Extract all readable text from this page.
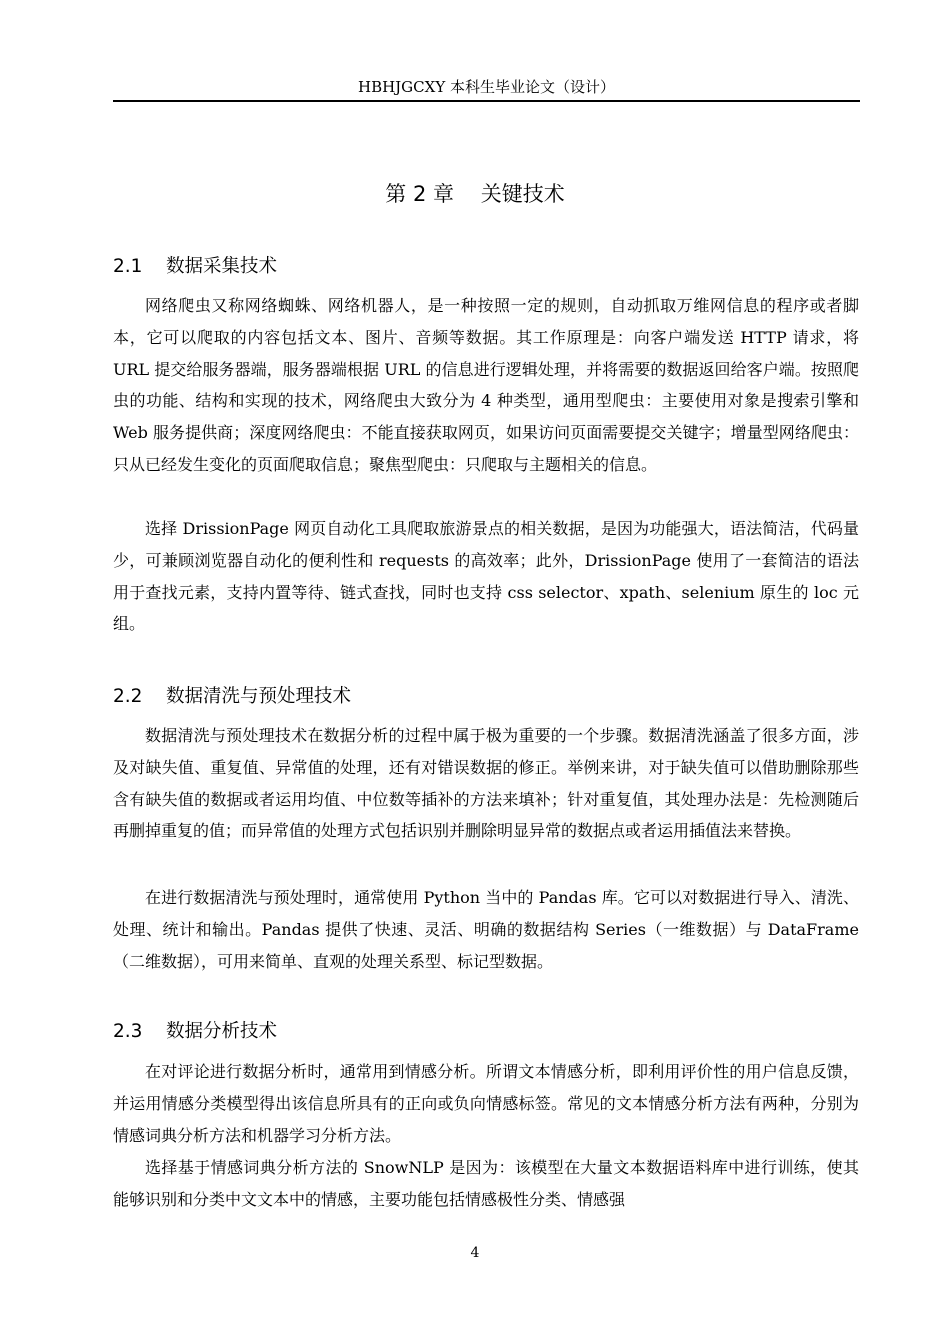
HBHJGCXY 本科生毕业论文（设计）
第 2 章 关键技术
2.1 数据采集技术

网络爬虫又称网络蜘蛛、网络机器人，是一种按照一定的规则，自动抓取万维网信息的程序或者脚本，它可以爬取的内容包括文本、图片、音频等数据。其工作原理是：向客户端发送 HTTP 请求，将 URL 提交给服务器端，服务器端根据 URL 的信息进行逻辑处理，并将需要的数据返回给客户端。按照爬虫的功能、结构和实现的技术，网络爬虫大致分为 4 种类型，通用型爬虫：主要使用对象是搜索引擎和 Web 服务提供商；深度网络爬虫：不能直接获取网页，如果访问页面需要提交关键字；增量型网络爬虫：只从已经发生变化的页面爬取信息；聚焦型爬虫：只爬取与主题相关的信息。

选择 DrissionPage 网页自动化工具爬取旅游景点的相关数据，是因为功能强大，语法简洁，代码量少，可兼顾浏览器自动化的便利性和 requests 的高效率；此外，DrissionPage 使用了一套简洁的语法用于查找元素，支持内置等待、链式查找，同时也支持 css selector、xpath、selenium 原生的 loc 元组。

2.2 数据清洗与预处理技术

数据清洗与预处理技术在数据分析的过程中属于极为重要的一个步骤。数据清洗涵盖了很多方面，涉及对缺失值、重复值、异常值的处理，还有对错误数据的修正。举例来讲，对于缺失值可以借助删除那些含有缺失值的数据或者运用均值、中位数等插补的方法来填补；针对重复值，其处理办法是：先检测随后再删掉重复的值；而异常值的处理方式包括识别并删除明显异常的数据点或者运用插值法来替换。

在进行数据清洗与预处理时，通常使用 Python 当中的 Pandas 库。它可以对数据进行导入、清洗、处理、统计和输出。Pandas 提供了快速、灵活、明确的数据结构 Series（一维数据）与 DataFrame（二维数据），可用来简单、直观的处理关系型、标记型数据。

2.3 数据分析技术

在对评论进行数据分析时，通常用到情感分析。所谓文本情感分析，即利用评价性的用户信息反馈，并运用情感分类模型得出该信息所具有的正向或负向情感标签。常见的文本情感分析方法有两种，分别为情感词典分析方法和机器学习分析方法。

选择基于情感词典分析方法的 SnowNLP 是因为：该模型在大量文本数据语料库中进行训练，使其能够识别和分类中文文本中的情感，主要功能包括情感极性分类、情感强

4
